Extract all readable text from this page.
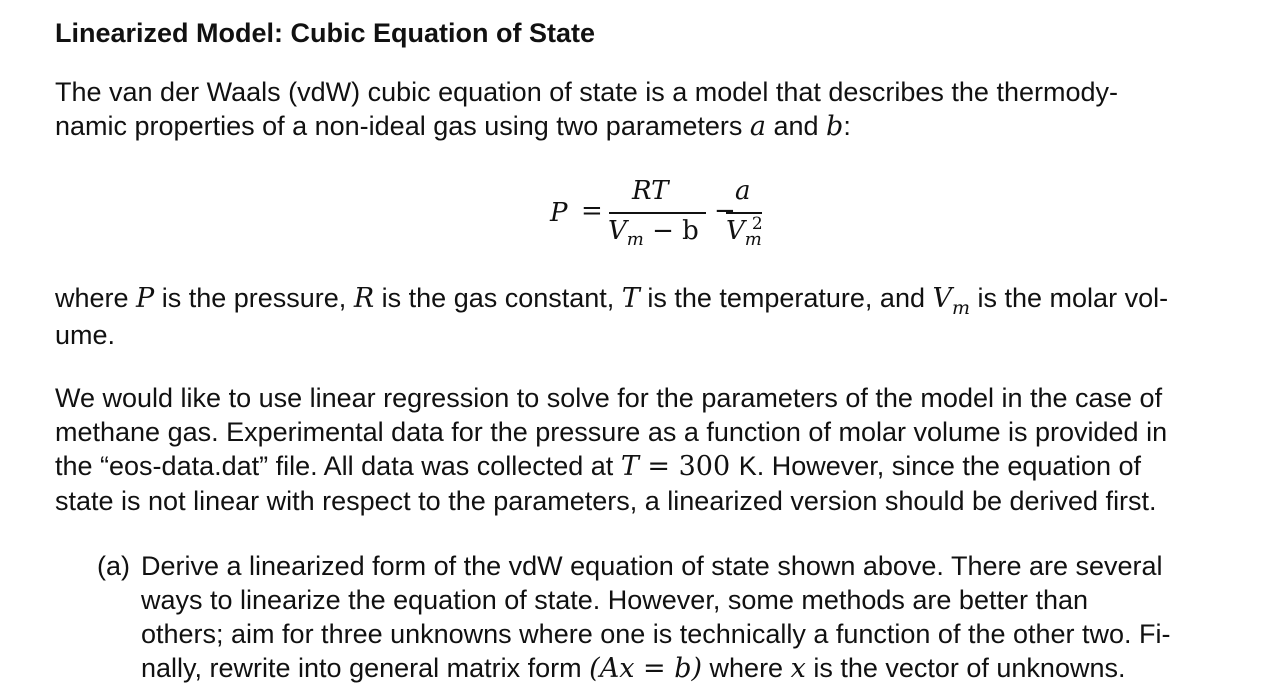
Linearized Model: Cubic Equation of State
The van der Waals (vdW) cubic equation of state is a model that describes the thermody-
namic properties of a non-ideal gas using two parameters a and b:
P =
RT
$V_m - b$
−
a
$V_m^2$
where P is the pressure, R is the gas constant, T is the temperature, and $V_m$ is the molar vol-
ume.
We would like to use linear regression to solve for the parameters of the model in the case of
methane gas. Experimental data for the pressure as a function of molar volume is provided in
the “eos-data.dat” file. All data was collected at T = 300 K. However, since the equation of
state is not linear with respect to the parameters, a linearized version should be derived first.
(a) Derive a linearized form of the vdW equation of state shown above. There are several
ways to linearize the equation of state. However, some methods are better than
others; aim for three unknowns where one is technically a function of the other two. Fi-
nally, rewrite into general matrix form (Ax = b) where x is the vector of unknowns.
